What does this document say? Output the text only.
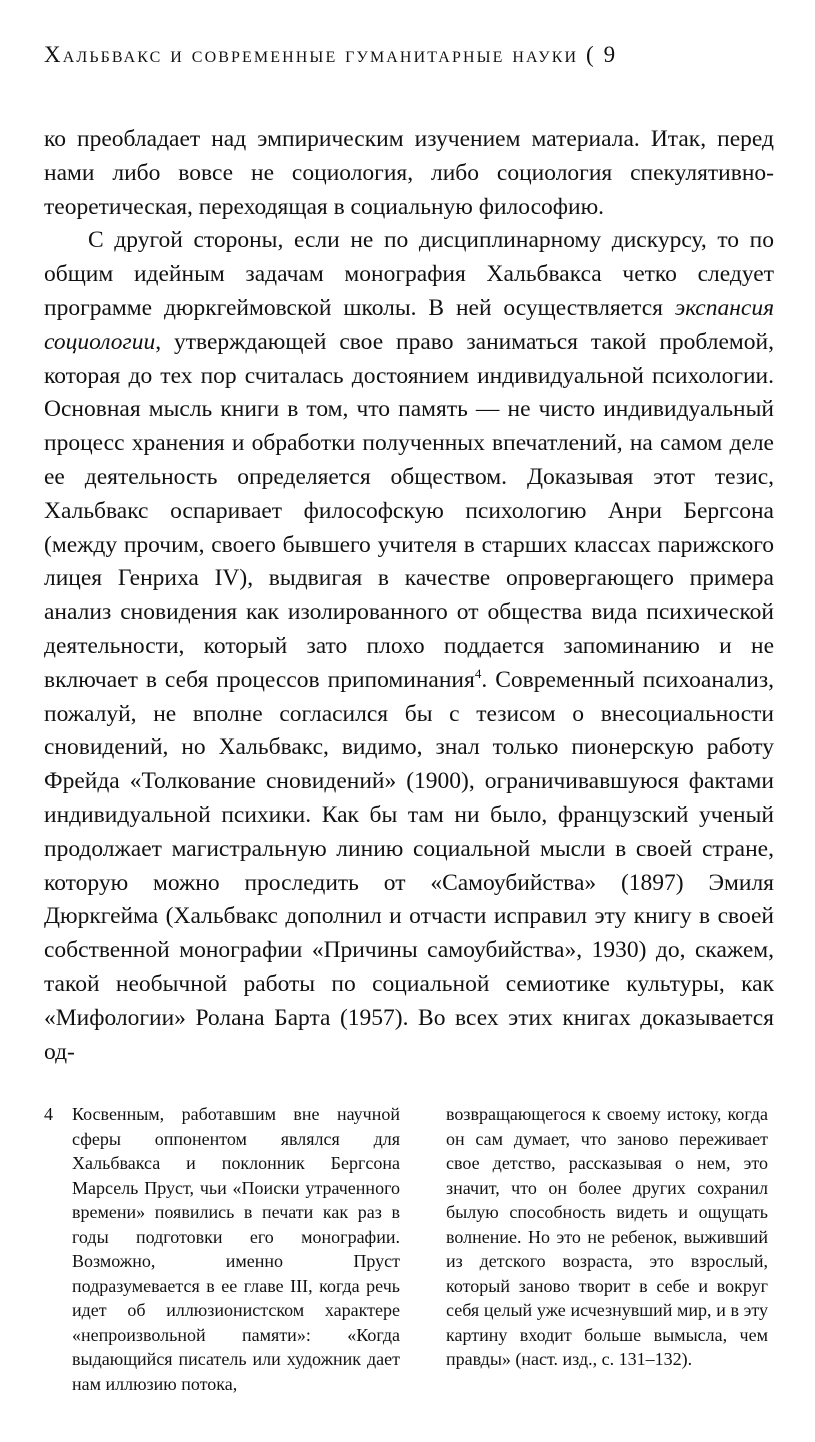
Хальбвакс и современные гуманитарные науки ( 9

ко преобладает над эмпирическим изучением материала. Итак, перед нами либо вовсе не социология, либо социология спекулятивно-теоретическая, переходящая в социальную философию.

С другой стороны, если не по дисциплинарному дискурсу, то по общим идейным задачам монография Хальбвакса четко следует программе дюркгеймовской школы. В ней осуществляется экспансия социологии, утверждающей свое право заниматься такой проблемой, которая до тех пор считалась достоянием индивидуальной психологии. Основная мысль книги в том, что память — не чисто индивидуальный процесс хранения и обработки полученных впечатлений, на самом деле ее деятельность определяется обществом. Доказывая этот тезис, Хальбвакс оспаривает философскую психологию Анри Бергсона (между прочим, своего бывшего учителя в старших классах парижского лицея Генриха IV), выдвигая в качестве опровергающего примера анализ сновидения как изолированного от общества вида психической деятельности, который зато плохо поддается запоминанию и не включает в себя процессов припоминания$^4$. Современный психоанализ, пожалуй, не вполне согласился бы с тезисом о внесоциальности сновидений, но Хальбвакс, видимо, знал только пионерскую работу Фрейда «Толкование сновидений» (1900), ограничивавшуюся фактами индивидуальной психики. Как бы там ни было, французский ученый продолжает магистральную линию социальной мысли в своей стране, которую можно проследить от «Самоубийства» (1897) Эмиля Дюркгейма (Хальбвакс дополнил и отчасти исправил эту книгу в своей собственной монографии «Причины самоубийства», 1930) до, скажем, такой необычной работы по социальной семиотике культуры, как «Мифологии» Ролана Барта (1957). Во всех этих книгах доказывается од-

4 Косвенным, работавшим вне научной сферы оппонентом являлся для Хальбвакса и поклонник Бергсона Марсель Пруст, чьи «Поиски утраченного времени» появились в печати как раз в годы подготовки его монографии. Возможно, именно Пруст подразумевается в ее главе III, когда речь идет об иллюзионистском характере «непроизвольной памяти»: «Когда выдающийся писатель или художник дает нам иллюзию потока,
возвращающегося к своему истоку, когда он сам думает, что заново переживает свое детство, рассказывая о нем, это значит, что он более других сохранил былую способность видеть и ощущать волнение. Но это не ребенок, выживший из детского возраста, это взрослый, который заново творит в себе и вокруг себя целый уже исчезнувший мир, и в эту картину входит больше вымысла, чем правды» (наст. изд., с. 131–132).
